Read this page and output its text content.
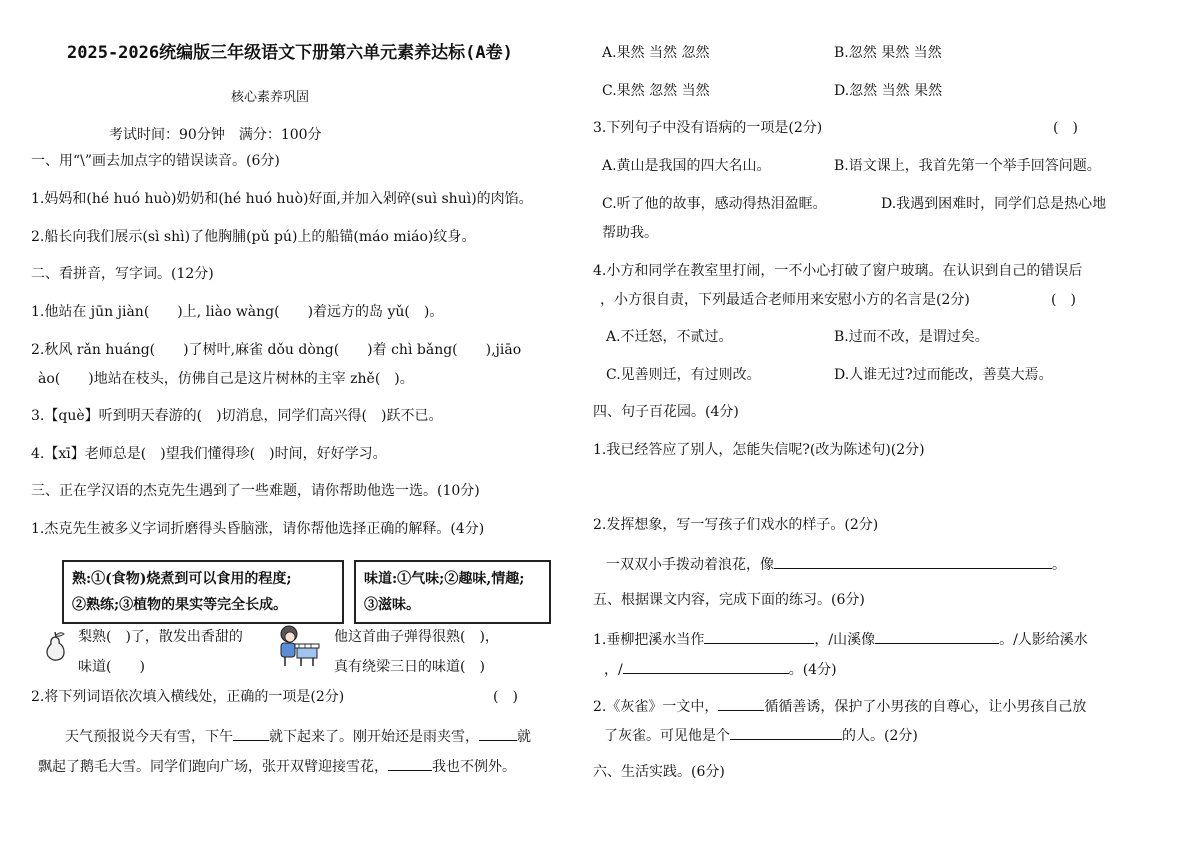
2025-2026统编版三年级语文下册第六单元素养达标(A卷)
核心素养巩固
考试时间：90分钟　满分：100分
一、用“\”画去加点字的错误读音。(6分)
1.妈妈和(hé huó huò)奶奶和(hé huó huò)好面,并加入剁碎(suì shuì)的肉馅。
2.船长向我们展示(sì shì)了他胸脯(pǔ pú)上的船锚(máo miáo)纹身。
二、看拼音，写字词。(12分)
1.他站在 jūn jiàn(　　)上, liào wàng(　　)着远方的岛 yǔ(　)。
2.秋风 rǎn huáng(　　)了树叶,麻雀 dǒu dòng(　　)着 chì bǎng(　　),jiāo
ào(　　)地站在枝头，仿佛自己是这片树林的主宰 zhě(　)。
3.【què】听到明天春游的(　)切消息，同学们高兴得(　)跃不已。
4.【xī】老师总是(　)望我们懂得珍(　)时间，好好学习。
三、正在学汉语的杰克先生遇到了一些难题，请你帮助他选一选。(10分)
1.杰克先生被多义字词折磨得头昏脑涨，请你帮他选择正确的解释。(4分)
熟:①(食物)烧煮到可以食用的程度;
②熟练;③植物的果实等完全长成。
味道:①气味;②趣味,情趣;
③滋味。
梨熟(　)了，散发出香甜的
味道(　　)
他这首曲子弹得很熟(　)，
真有绕梁三日的味道(　)
2.将下列词语依次填入横线处，正确的一项是(2分)	(　)
天气预报说今天有雪，下午	就下起来了。刚开始还是雨夹雪，	就
飘起了鹅毛大雪。同学们跑向广场，张开双臂迎接雪花，	我也不例外。
A.果然 当然 忽然	B.忽然 果然 当然
C.果然 忽然 当然	D.忽然 当然 果然
3.下列句子中没有语病的一项是(2分)	(　)
A.黄山是我国的四大名山。	B.语文课上，我首先第一个举手回答问题。
C.听了他的故事，感动得热泪盈眶。	D.我遇到困难时，同学们总是热心地
帮助我。
4.小方和同学在教室里打闹，一不小心打破了窗户玻璃。在认识到自己的错误后
，小方很自责，下列最适合老师用来安慰小方的名言是(2分)	(　)
A.不迁怒，不贰过。	B.过而不改，是谓过矣。
C.见善则迁，有过则改。	D.人谁无过?过而能改，善莫大焉。
四、句子百花园。(4分)
1.我已经答应了别人，怎能失信呢?(改为陈述句)(2分)
2.发挥想象，写一写孩子们戏水的样子。(2分)
一双双小手拨动着浪花，像	。
五、根据课文内容，完成下面的练习。(6分)
1.垂柳把溪水当作	，/山溪像	。/人影给溪水
，/	。(4分)
2.《灰雀》一文中，	循循善诱，保护了小男孩的自尊心，让小男孩自己放
了灰雀。可见他是个	的人。(2分)
六、生活实践。(6分)
